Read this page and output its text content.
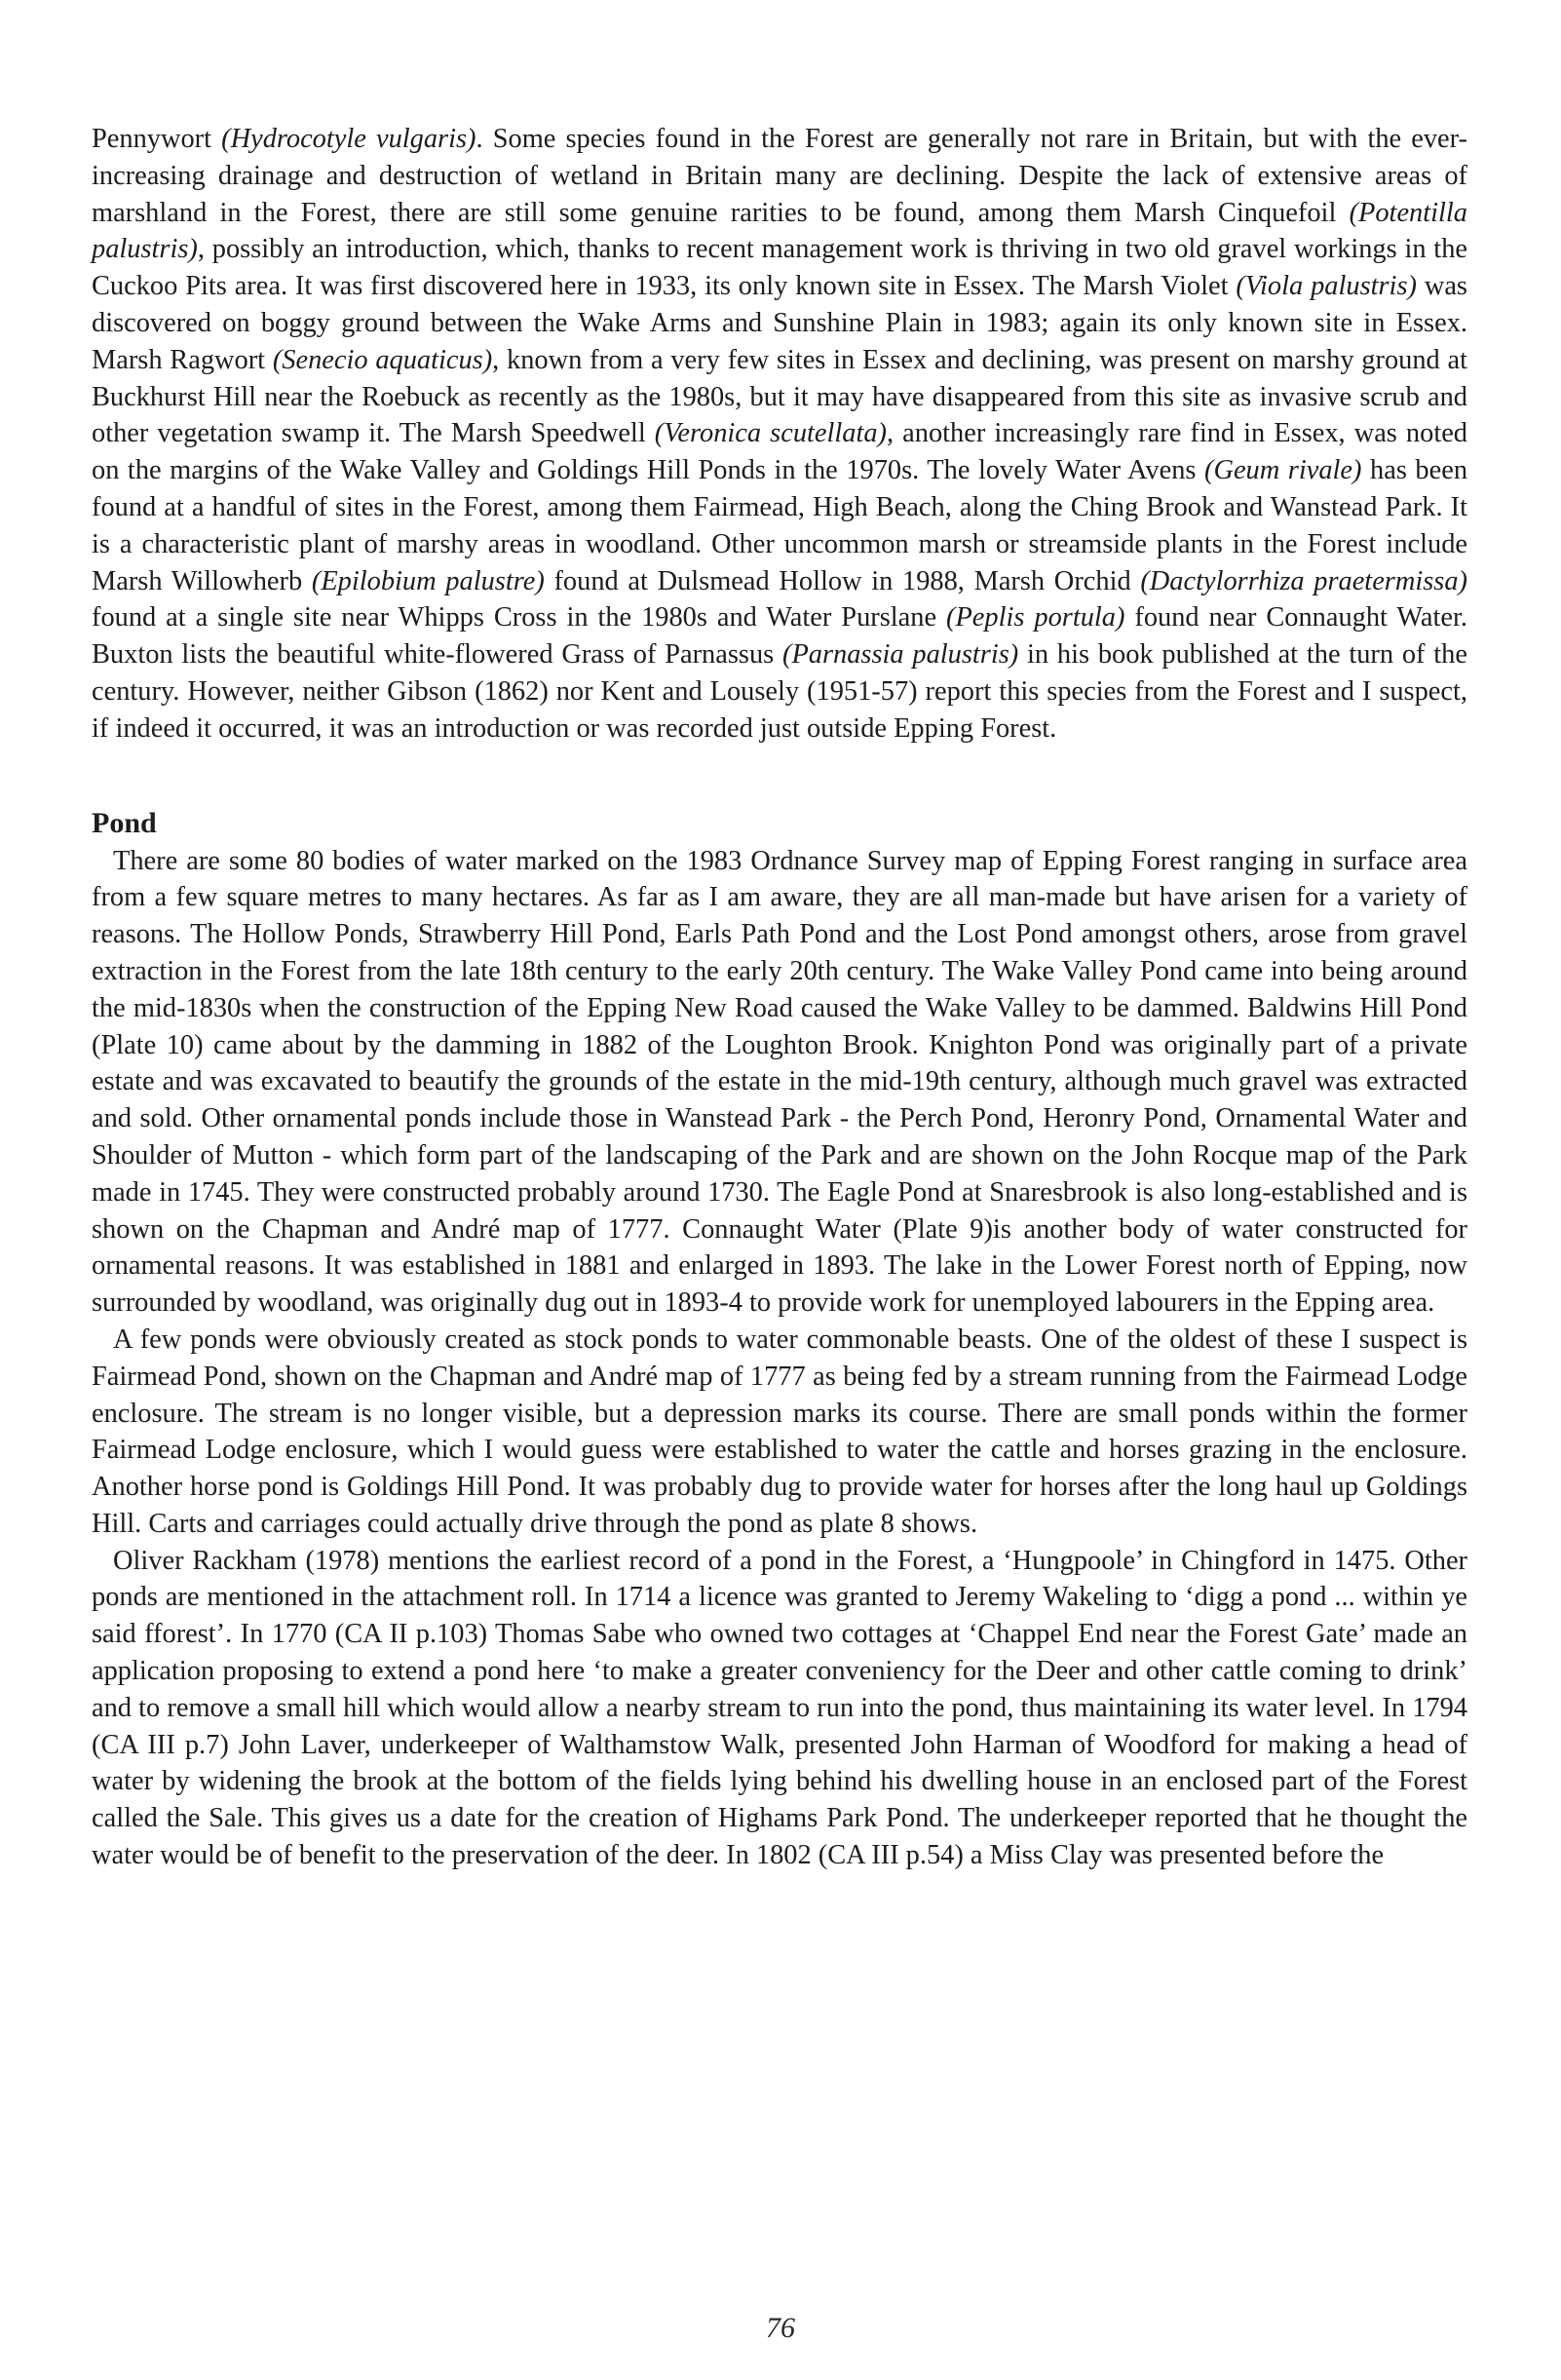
Pennywort (Hydrocotyle vulgaris). Some species found in the Forest are generally not rare in Britain, but with the ever-increasing drainage and destruction of wetland in Britain many are declining. Despite the lack of extensive areas of marshland in the Forest, there are still some genuine rarities to be found, among them Marsh Cinquefoil (Potentilla palustris), possibly an introduction, which, thanks to recent management work is thriving in two old gravel workings in the Cuckoo Pits area. It was first discovered here in 1933, its only known site in Essex. The Marsh Violet (Viola palustris) was discovered on boggy ground between the Wake Arms and Sunshine Plain in 1983; again its only known site in Essex. Marsh Ragwort (Senecio aquaticus), known from a very few sites in Essex and declining, was present on marshy ground at Buckhurst Hill near the Roebuck as recently as the 1980s, but it may have disappeared from this site as invasive scrub and other vegetation swamp it. The Marsh Speedwell (Veronica scutellata), another increasingly rare find in Essex, was noted on the margins of the Wake Valley and Goldings Hill Ponds in the 1970s. The lovely Water Avens (Geum rivale) has been found at a handful of sites in the Forest, among them Fairmead, High Beach, along the Ching Brook and Wanstead Park. It is a characteristic plant of marshy areas in woodland. Other uncommon marsh or streamside plants in the Forest include Marsh Willowherb (Epilobium palustre) found at Dulsmead Hollow in 1988, Marsh Orchid (Dactylorrhiza praetermissa) found at a single site near Whipps Cross in the 1980s and Water Purslane (Peplis portula) found near Connaught Water. Buxton lists the beautiful white-flowered Grass of Parnassus (Parnassia palustris) in his book published at the turn of the century. However, neither Gibson (1862) nor Kent and Lousely (1951-57) report this species from the Forest and I suspect, if indeed it occurred, it was an introduction or was recorded just outside Epping Forest.

Pond

There are some 80 bodies of water marked on the 1983 Ordnance Survey map of Epping Forest ranging in surface area from a few square metres to many hectares. As far as I am aware, they are all man-made but have arisen for a variety of reasons. The Hollow Ponds, Strawberry Hill Pond, Earls Path Pond and the Lost Pond amongst others, arose from gravel extraction in the Forest from the late 18th century to the early 20th century. The Wake Valley Pond came into being around the mid-1830s when the construction of the Epping New Road caused the Wake Valley to be dammed. Baldwins Hill Pond (Plate 10) came about by the damming in 1882 of the Loughton Brook. Knighton Pond was originally part of a private estate and was excavated to beautify the grounds of the estate in the mid-19th century, although much gravel was extracted and sold. Other ornamental ponds include those in Wanstead Park - the Perch Pond, Heronry Pond, Ornamental Water and Shoulder of Mutton - which form part of the landscaping of the Park and are shown on the John Rocque map of the Park made in 1745. They were constructed probably around 1730. The Eagle Pond at Snaresbrook is also long-established and is shown on the Chapman and André map of 1777. Connaught Water (Plate 9)is another body of water constructed for ornamental reasons. It was established in 1881 and enlarged in 1893. The lake in the Lower Forest north of Epping, now surrounded by woodland, was originally dug out in 1893-4 to provide work for unemployed labourers in the Epping area.

A few ponds were obviously created as stock ponds to water commonable beasts. One of the oldest of these I suspect is Fairmead Pond, shown on the Chapman and André map of 1777 as being fed by a stream running from the Fairmead Lodge enclosure. The stream is no longer visible, but a depression marks its course. There are small ponds within the former Fairmead Lodge enclosure, which I would guess were established to water the cattle and horses grazing in the enclosure. Another horse pond is Goldings Hill Pond. It was probably dug to provide water for horses after the long haul up Goldings Hill. Carts and carriages could actually drive through the pond as plate 8 shows.

Oliver Rackham (1978) mentions the earliest record of a pond in the Forest, a ‘Hungpoole’ in Chingford in 1475. Other ponds are mentioned in the attachment roll. In 1714 a licence was granted to Jeremy Wakeling to ‘digg a pond ... within ye said fforest’. In 1770 (CA II p.103) Thomas Sabe who owned two cottages at ‘Chappel End near the Forest Gate’ made an application proposing to extend a pond here ‘to make a greater conveniency for the Deer and other cattle coming to drink’ and to remove a small hill which would allow a nearby stream to run into the pond, thus maintaining its water level. In 1794 (CA III p.7) John Laver, underkeeper of Walthamstow Walk, presented John Harman of Woodford for making a head of water by widening the brook at the bottom of the fields lying behind his dwelling house in an enclosed part of the Forest called the Sale. This gives us a date for the creation of Highams Park Pond. The underkeeper reported that he thought the water would be of benefit to the preservation of the deer. In 1802 (CA III p.54) a Miss Clay was presented before the

76
